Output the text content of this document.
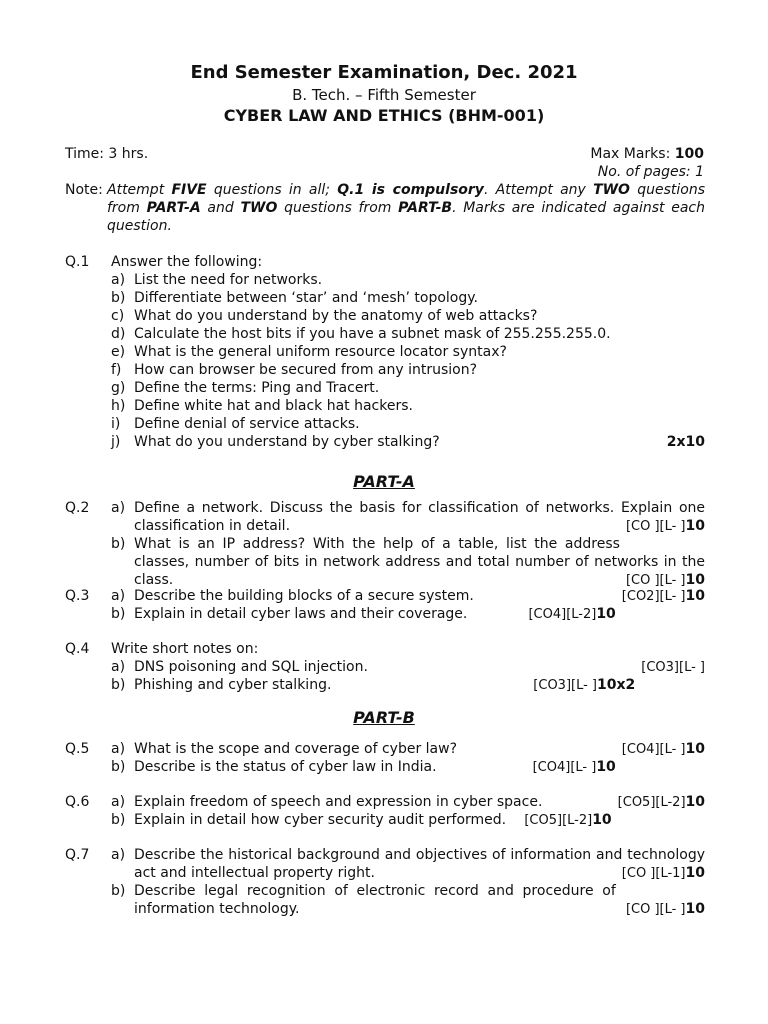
End Semester Examination, Dec. 2021
B. Tech. – Fifth Semester
CYBER LAW AND ETHICS (BHM-001)
Time: 3 hrs.	Max Marks: 100
No. of pages: 1
Note: Attempt FIVE questions in all; Q.1 is compulsory. Attempt any TWO questions from PART-A and TWO questions from PART-B. Marks are indicated against each question.
Q.1 Answer the following:
a) List the need for networks.
b) Differentiate between ‘star’ and ‘mesh’ topology.
c) What do you understand by the anatomy of web attacks?
d) Calculate the host bits if you have a subnet mask of 255.255.255.0.
e) What is the general uniform resource locator syntax?
f) How can browser be secured from any intrusion?
g) Define the terms: Ping and Tracert.
h) Define white hat and black hat hackers.
i) Define denial of service attacks.
j)	2x10
What do you understand by cyber stalking?
PART-A
Q.2 a) Define a network. Discuss the basis for classification of networks. Explain one classification in detail.	[CO ][L- ]10
b) What is an IP address? With the help of a table, list the address classes, number of bits in network address and total number of networks in the class.	[CO ][L- ]10
Q.3 a)	[CO2][L- ]10
Describe the building blocks of a secure system.
b)	[CO4][L-2]10
Explain in detail cyber laws and their coverage.
Q.4 Write short notes on:
a)	[CO3][L- ]
DNS poisoning and SQL injection.
b)	[CO3][L- ]10x2
Phishing and cyber stalking.
PART-B
Q.5 a)	[CO4][L- ]10
What is the scope and coverage of cyber law?
b)	[CO4][L- ]10
Describe is the status of cyber law in India.
Q.6 a)	[CO5][L-2]10
Explain freedom of speech and expression in cyber space.
b)	[CO5][L-2]10
Explain in detail how cyber security audit performed.
Q.7 a) Describe the historical background and objectives of information and technology act and intellectual property right.	[CO ][L-1]10
b) Describe legal recognition of electronic record and procedure of information technology.	[CO ][L- ]10
